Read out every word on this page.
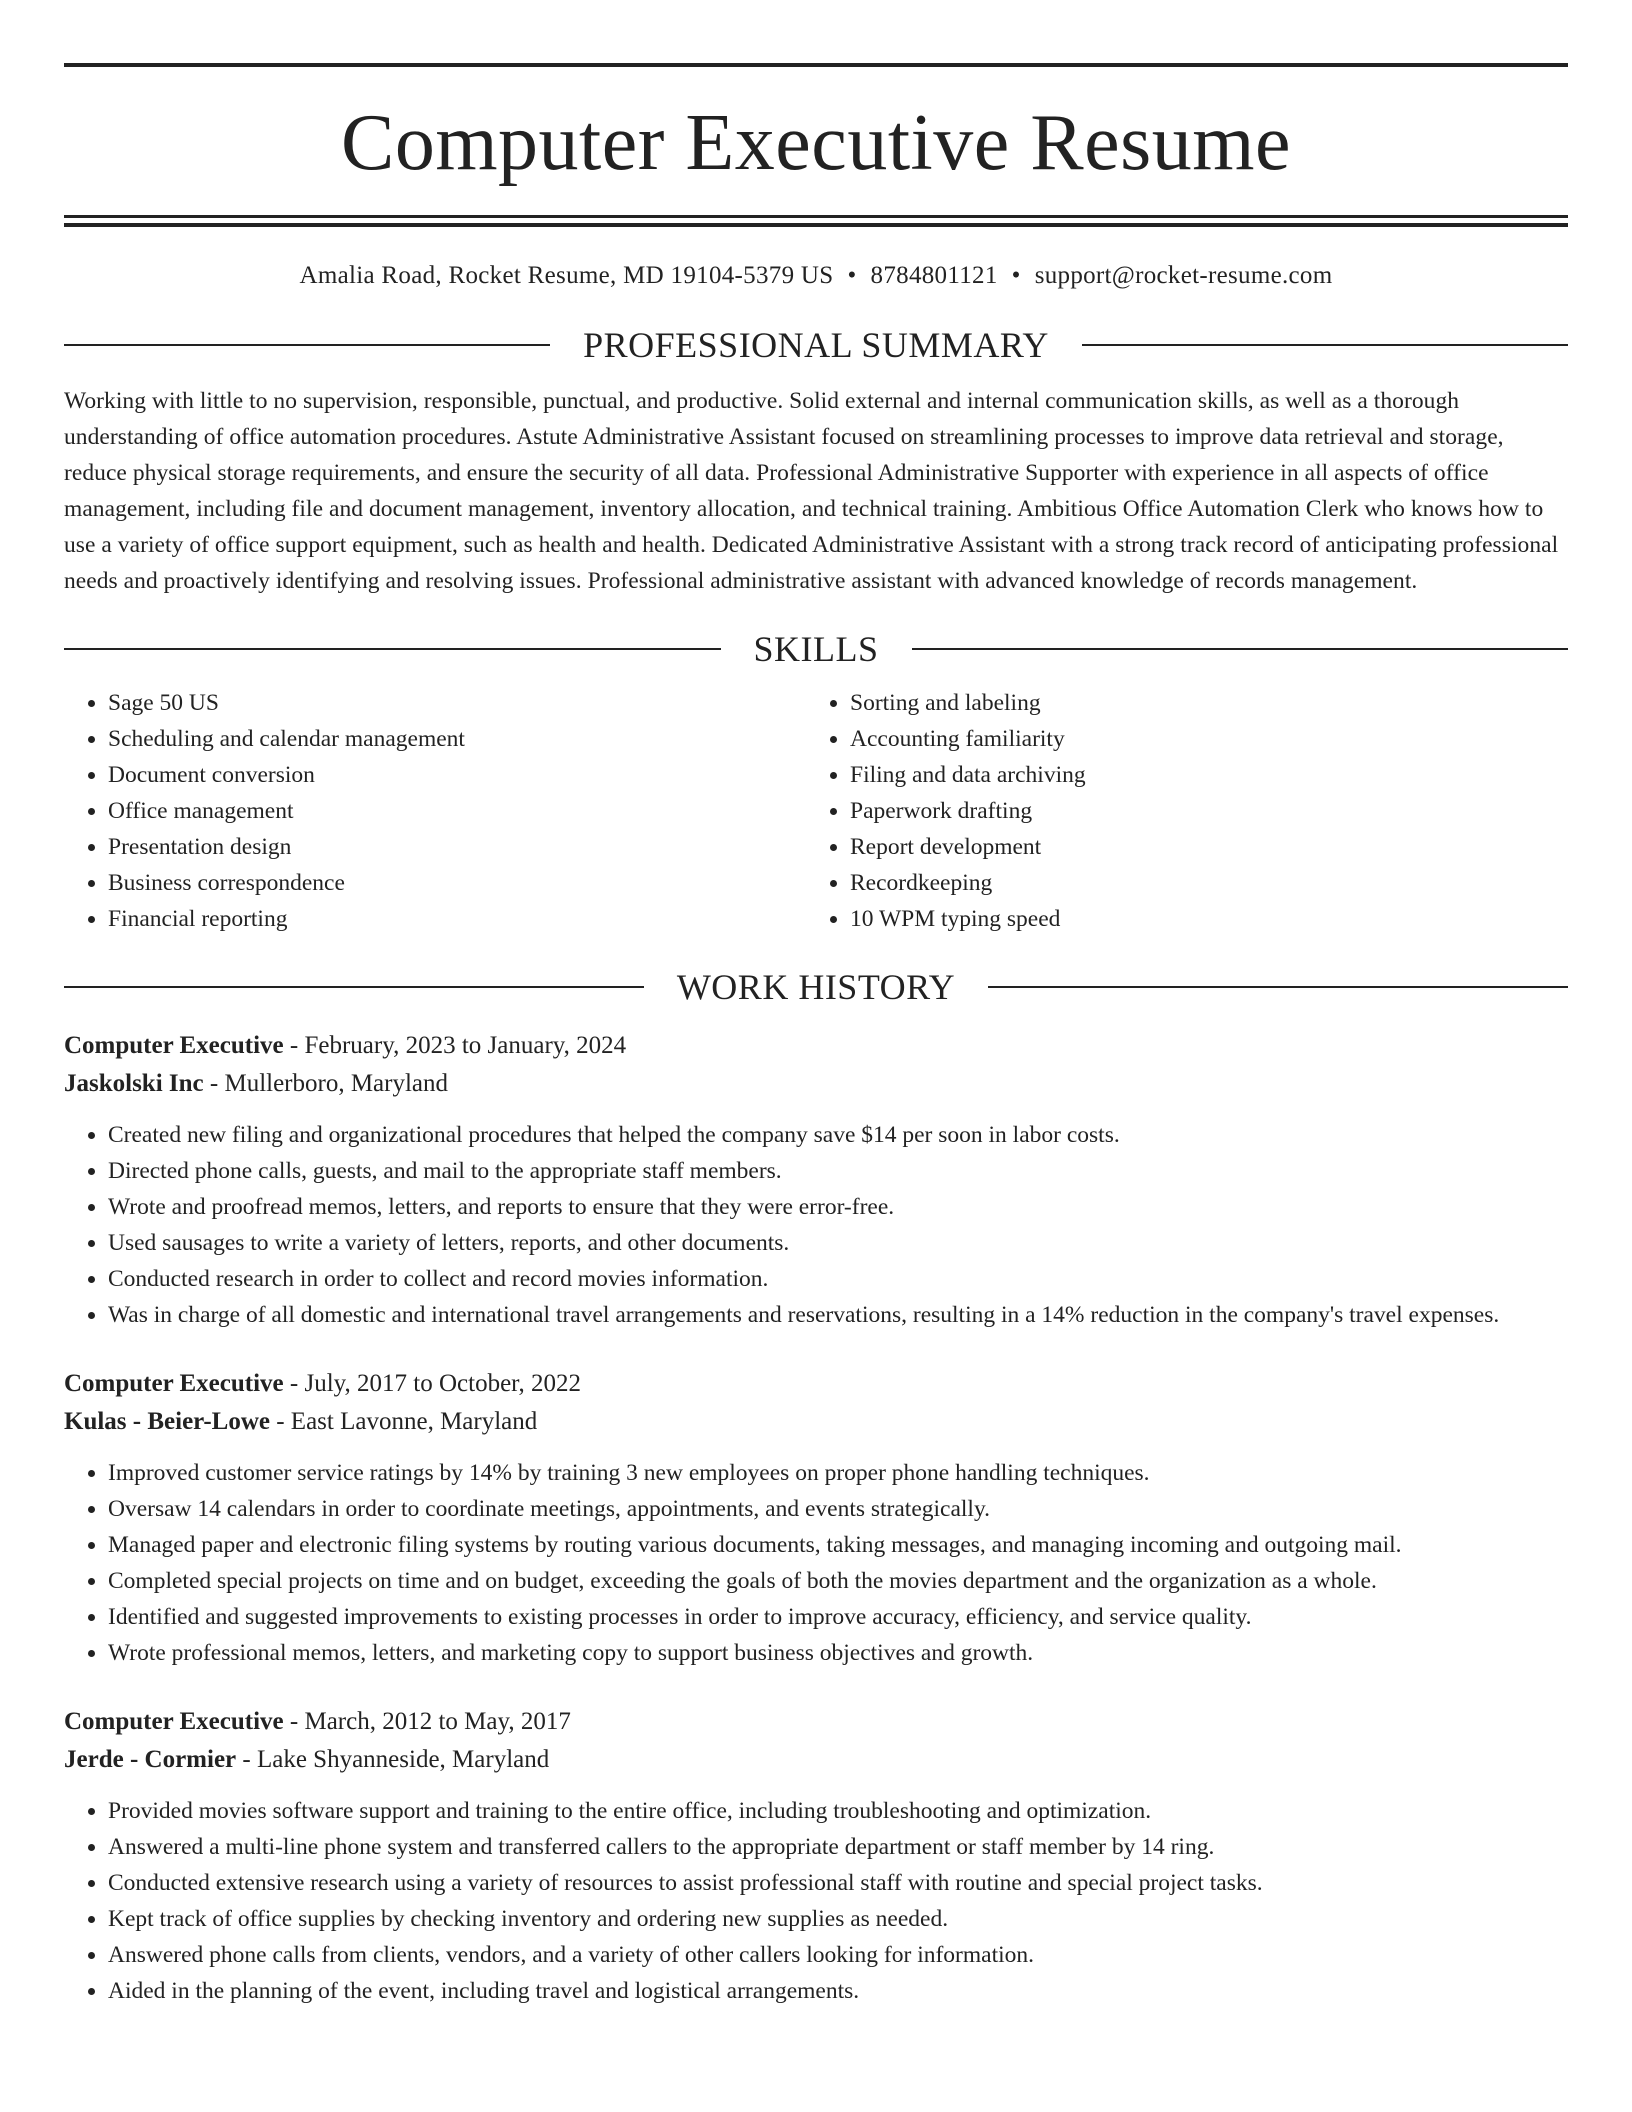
Computer Executive Resume
Amalia Road, Rocket Resume, MD 19104-5379 US • 8784801121 • support@rocket-resume.com
PROFESSIONAL SUMMARY
Working with little to no supervision, responsible, punctual, and productive. Solid external and internal communication skills, as well as a thorough understanding of office automation procedures. Astute Administrative Assistant focused on streamlining processes to improve data retrieval and storage, reduce physical storage requirements, and ensure the security of all data. Professional Administrative Supporter with experience in all aspects of office management, including file and document management, inventory allocation, and technical training. Ambitious Office Automation Clerk who knows how to use a variety of office support equipment, such as health and health. Dedicated Administrative Assistant with a strong track record of anticipating professional needs and proactively identifying and resolving issues. Professional administrative assistant with advanced knowledge of records management.
SKILLS
• Sage 50 US
• Scheduling and calendar management
• Document conversion
• Office management
• Presentation design
• Business correspondence
• Financial reporting
• Sorting and labeling
• Accounting familiarity
• Filing and data archiving
• Paperwork drafting
• Report development
• Recordkeeping
• 10 WPM typing speed
WORK HISTORY
Computer Executive - February, 2023 to January, 2024
Jaskolski Inc - Mullerboro, Maryland
• Created new filing and organizational procedures that helped the company save $14 per soon in labor costs.
• Directed phone calls, guests, and mail to the appropriate staff members.
• Wrote and proofread memos, letters, and reports to ensure that they were error-free.
• Used sausages to write a variety of letters, reports, and other documents.
• Conducted research in order to collect and record movies information.
• Was in charge of all domestic and international travel arrangements and reservations, resulting in a 14% reduction in the company's travel expenses.
Computer Executive - July, 2017 to October, 2022
Kulas - Beier-Lowe - East Lavonne, Maryland
• Improved customer service ratings by 14% by training 3 new employees on proper phone handling techniques.
• Oversaw 14 calendars in order to coordinate meetings, appointments, and events strategically.
• Managed paper and electronic filing systems by routing various documents, taking messages, and managing incoming and outgoing mail.
• Completed special projects on time and on budget, exceeding the goals of both the movies department and the organization as a whole.
• Identified and suggested improvements to existing processes in order to improve accuracy, efficiency, and service quality.
• Wrote professional memos, letters, and marketing copy to support business objectives and growth.
Computer Executive - March, 2012 to May, 2017
Jerde - Cormier - Lake Shyanneside, Maryland
• Provided movies software support and training to the entire office, including troubleshooting and optimization.
• Answered a multi-line phone system and transferred callers to the appropriate department or staff member by 14 ring.
• Conducted extensive research using a variety of resources to assist professional staff with routine and special project tasks.
• Kept track of office supplies by checking inventory and ordering new supplies as needed.
• Answered phone calls from clients, vendors, and a variety of other callers looking for information.
• Aided in the planning of the event, including travel and logistical arrangements.
